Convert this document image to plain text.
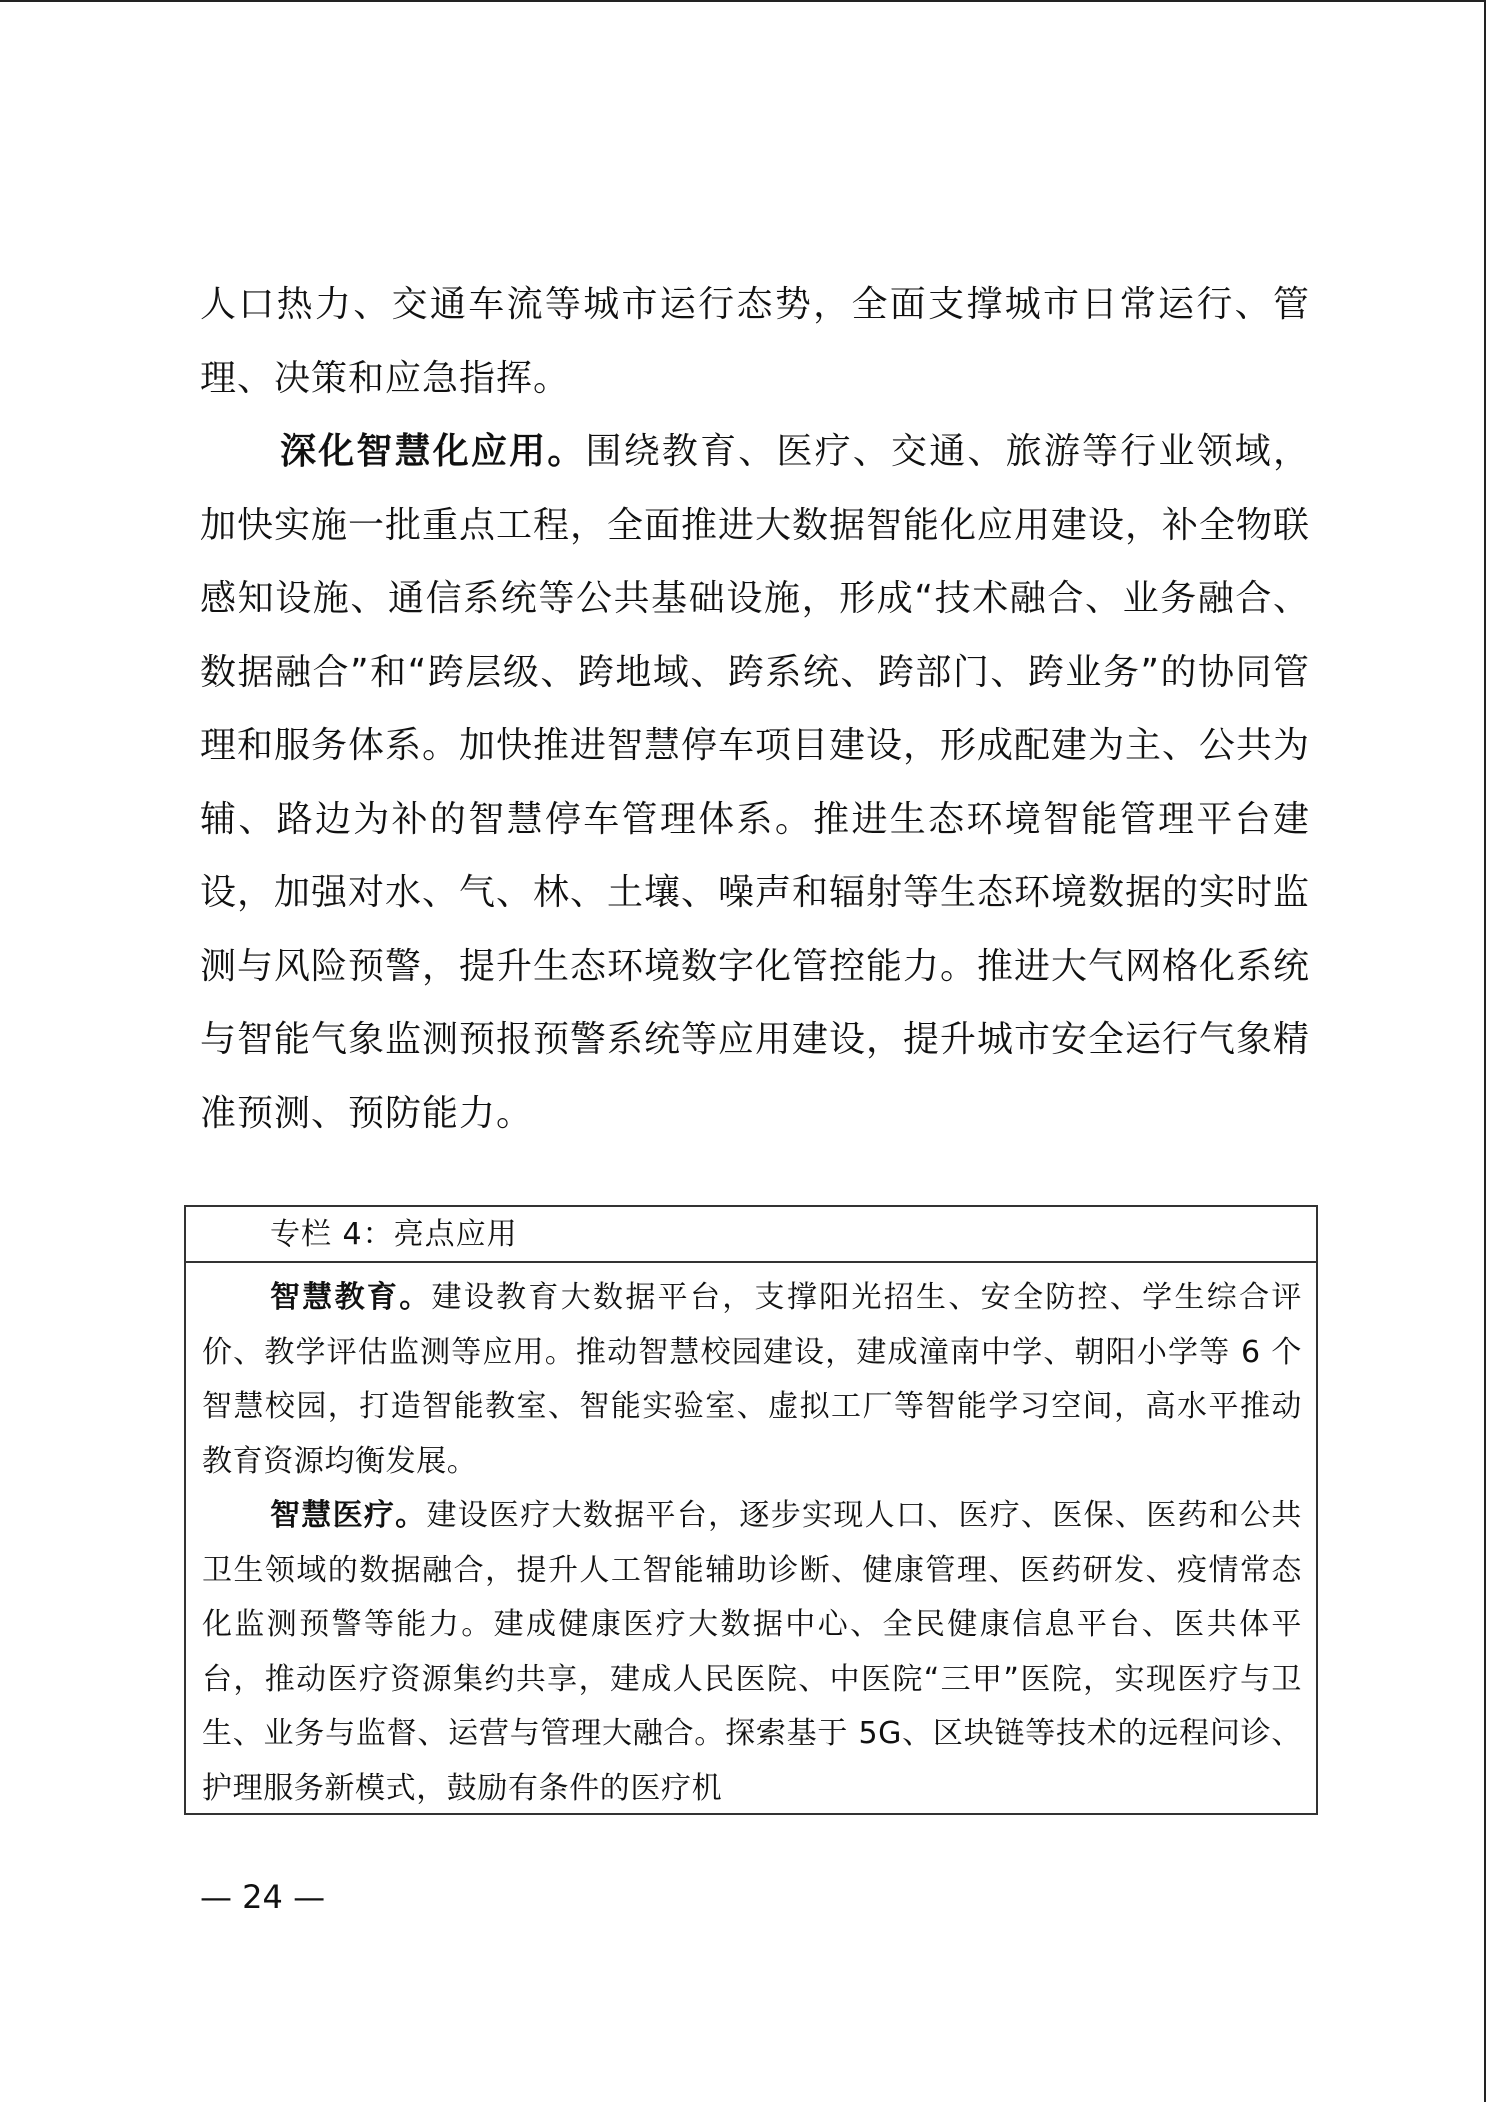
人口热力、交通车流等城市运行态势，全面支撑城市日常运行、管理、决策和应急指挥。

深化智慧化应用。围绕教育、医疗、交通、旅游等行业领域，加快实施一批重点工程，全面推进大数据智能化应用建设，补全物联感知设施、通信系统等公共基础设施，形成“技术融合、业务融合、数据融合”和“跨层级、跨地域、跨系统、跨部门、跨业务”的协同管理和服务体系。加快推进智慧停车项目建设，形成配建为主、公共为辅、路边为补的智慧停车管理体系。推进生态环境智能管理平台建设，加强对水、气、林、土壤、噪声和辐射等生态环境数据的实时监测与风险预警，提升生态环境数字化管控能力。推进大气网格化系统与智能气象监测预报预警系统等应用建设，提升城市安全运行气象精准预测、预防能力。

专栏 4：亮点应用

智慧教育。建设教育大数据平台，支撑阳光招生、安全防控、学生综合评价、教学评估监测等应用。推动智慧校园建设，建成潼南中学、朝阳小学等 6 个智慧校园，打造智能教室、智能实验室、虚拟工厂等智能学习空间，高水平推动教育资源均衡发展。

智慧医疗。建设医疗大数据平台，逐步实现人口、医疗、医保、医药和公共卫生领域的数据融合，提升人工智能辅助诊断、健康管理、医药研发、疫情常态化监测预警等能力。建成健康医疗大数据中心、全民健康信息平台、医共体平台，推动医疗资源集约共享，建成人民医院、中医院“三甲”医院，实现医疗与卫生、业务与监督、运营与管理大融合。探索基于 5G、区块链等技术的远程问诊、护理服务新模式，鼓励有条件的医疗机

— 24 —
